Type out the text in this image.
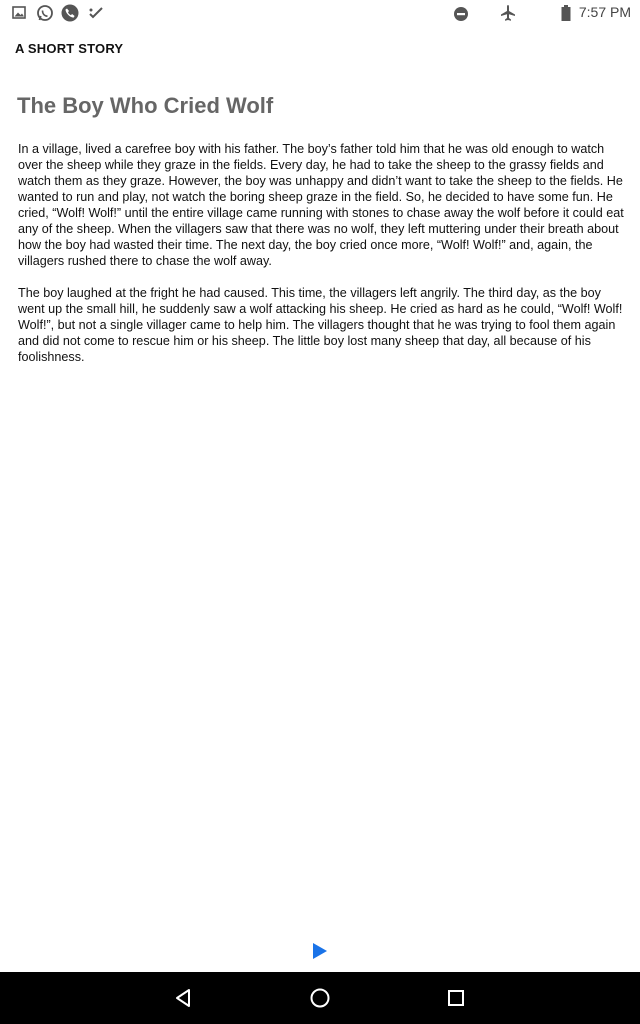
7:57 PM
A SHORT STORY
The Boy Who Cried Wolf

In a village, lived a carefree boy with his father. The boy’s father told him that he was old enough to watch over the sheep while they graze in the fields. Every day, he had to take the sheep to the grassy fields and watch them as they graze. However, the boy was unhappy and didn’t want to take the sheep to the fields. He wanted to run and play, not watch the boring sheep graze in the field. So, he decided to have some fun. He cried, “Wolf! Wolf!” until the entire village came running with stones to chase away the wolf before it could eat any of the sheep. When the villagers saw that there was no wolf, they left muttering under their breath about how the boy had wasted their time. The next day, the boy cried once more, “Wolf! Wolf!” and, again, the villagers rushed there to chase the wolf away.

The boy laughed at the fright he had caused. This time, the villagers left angrily. The third day, as the boy went up the small hill, he suddenly saw a wolf attacking his sheep. He cried as hard as he could, “Wolf! Wolf! Wolf!”, but not a single villager came to help him. The villagers thought that he was trying to fool them again and did not come to rescue him or his sheep. The little boy lost many sheep that day, all because of his foolishness.
